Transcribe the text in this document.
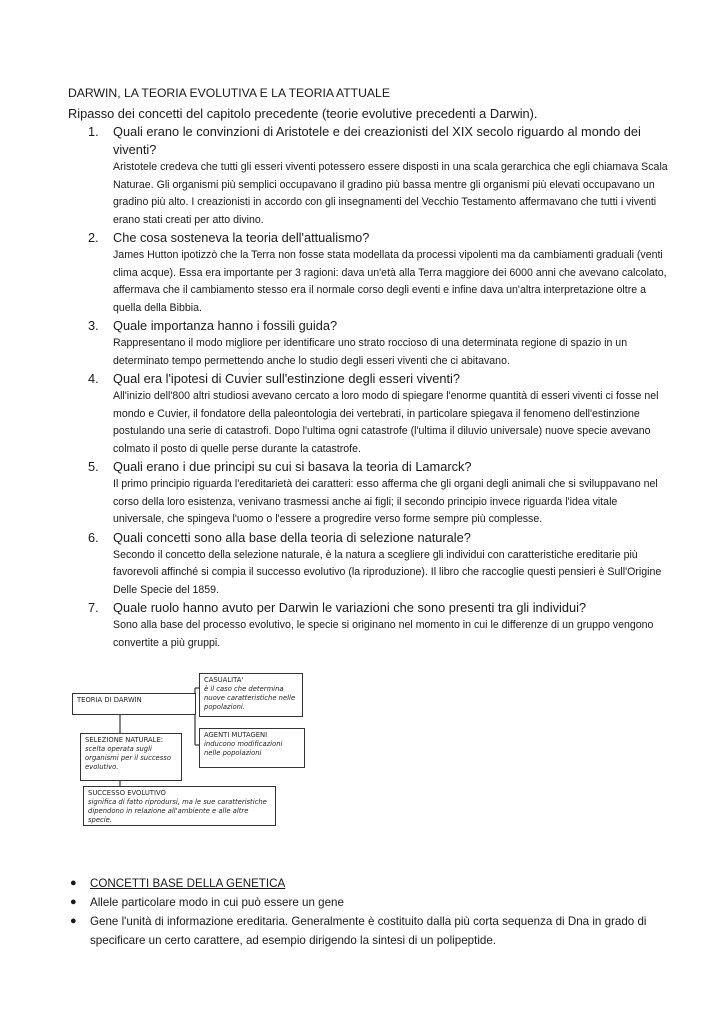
DARWIN, LA TEORIA EVOLUTIVA E LA TEORIA ATTUALE
Ripasso dei concetti del capitolo precedente (teorie evolutive precedenti a Darwin).
1. Quali erano le convinzioni di Aristotele e dei creazionisti del XIX secolo riguardo al mondo dei viventi?
Aristotele credeva che tutti gli esseri viventi potessero essere disposti in una scala gerarchica che egli chiamava Scala Naturae. Gli organismi più semplici occupavano il gradino più bassa mentre gli organismi più elevati occupavano un gradino più alto. I creazionisti in accordo con gli insegnamenti del Vecchio Testamento affermavano che tutti i viventi erano stati creati per atto divino.
2. Che cosa sosteneva la teoria dell'attualismo?
James Hutton ipotizzò che la Terra non fosse stata modellata da processi vipolenti ma da cambiamenti graduali (venti clima acque). Essa era importante per 3 ragioni: dava un'età alla Terra maggiore dei 6000 anni che avevano calcolato, affermava che il cambiamento stesso era il normale corso degli eventi e infine dava un'altra interpretazione oltre a quella della Bibbia.
3. Quale importanza hanno i fossili guida?
Rappresentano il modo migliore per identificare uno strato roccioso di una determinata regione di spazio in un determinato tempo permettendo anche lo studio degli esseri viventi che ci abitavano.
4. Qual era l'ipotesi di Cuvier sull'estinzione degli esseri viventi?
All'inizio dell'800 altri studiosi avevano cercato a loro modo di spiegare l'enorme quantità di esseri viventi ci fosse nel mondo e Cuvier, il fondatore della paleontologia dei vertebrati, in particolare spiegava il fenomeno dell'estinzione postulando una serie di catastrofi. Dopo l'ultima ogni catastrofe (l'ultima il diluvio universale) nuove specie avevano colmato il posto di quelle perse durante la catastrofe.
5. Quali erano i due principi su cui si basava la teoria di Lamarck?
Il primo principio riguarda l'ereditarietà dei caratteri: esso afferma che gli organi degli animali che si sviluppavano nel corso della loro esistenza, venivano trasmessi anche ai figli; il secondo principio invece riguarda l'idea vitale universale, che spingeva l'uomo o l'essere a progredire verso forme sempre più complesse.
6. Quali concetti sono alla base della teoria di selezione naturale?
Secondo il concetto della selezione naturale, è la natura a scegliere gli individui con caratteristiche ereditarie più favorevoli affinché si compia il successo evolutivo (la riproduzione). Il libro che raccoglie questi pensieri è Sull'Origine Delle Specie del 1859.
7. Quale ruolo hanno avuto per Darwin le variazioni che sono presenti tra gli individui?
Sono alla base del processo evolutivo, le specie si originano nel momento in cui le differenze di un gruppo vengono convertite a più gruppi.
TEORIA DI DARWIN
CASUALITA'
è il caso che determina nuove caratteristiche nelle popolazioni.
AGENTI MUTAGENI
inducono modificazioni nelle popolazioni
SELEZIONE NATURALE:
scelta operata sugli organismi per il successo evolutivo.
SUCCESSO EVOLUTIVO
significa di fatto riprodursi, ma le sue caratteristiche dipendono in relazione all'ambiente e alle altre specie.
● CONCETTI BASE DELLA GENETICA
● Allele particolare modo in cui può essere un gene
● Gene l'unità di informazione ereditaria. Generalmente è costituito dalla più corta sequenza di Dna in grado di specificare un certo carattere, ad esempio dirigendo la sintesi di un polipeptide.
